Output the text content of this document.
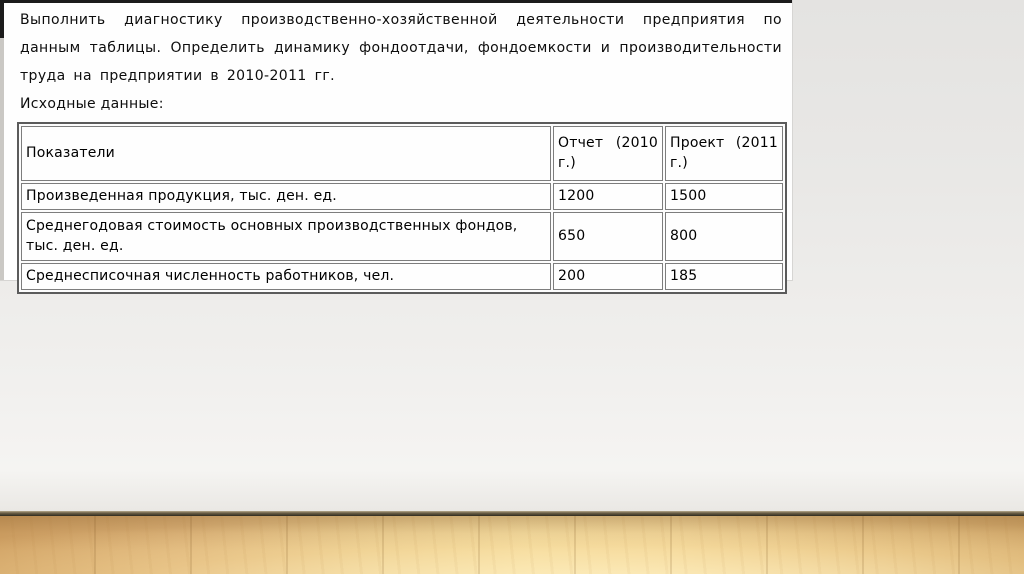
Выполнить диагностику производственно-хозяйственной деятельности предприятия по данным таблицы. Определить динамику фондоотдачи, фондоемкости и производительности труда на предприятии в 2010-2011 гг.

Исходные данные:

Показатели	Отчет (2010 г.)	Проект (2011 г.)
Произведенная продукция, тыс. ден. ед.	1200	1500
Среднегодовая стоимость основных производственных фондов, тыс. ден. ед.	650	800
Среднесписочная численность работников, чел.	200	185
